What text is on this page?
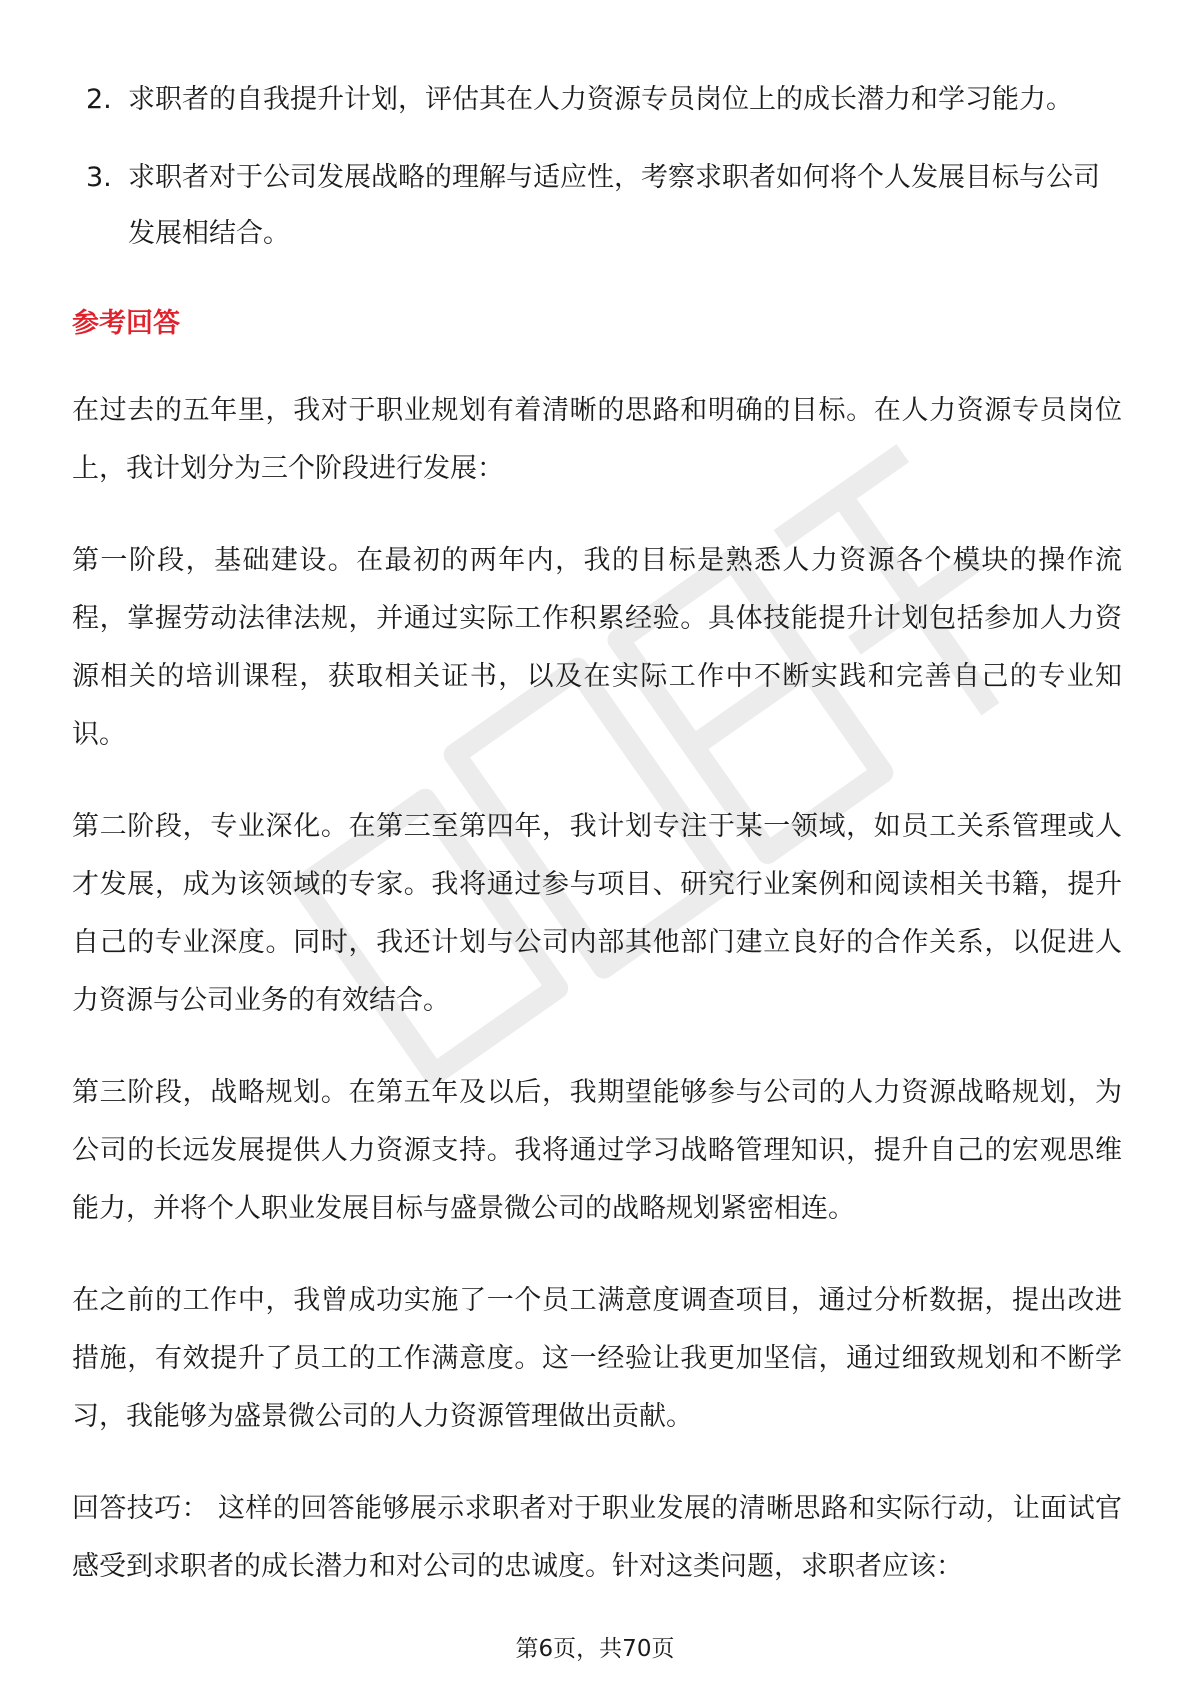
2. 求职者的自我提升计划，评估其在人力资源专员岗位上的成长潜力和学习能力。
3. 求职者对于公司发展战略的理解与适应性，考察求职者如何将个人发展目标与公司发展相结合。
参考回答

在过去的五年里，我对于职业规划有着清晰的思路和明确的目标。在人力资源专员岗位上，我计划分为三个阶段进行发展：

第一阶段，基础建设。在最初的两年内，我的目标是熟悉人力资源各个模块的操作流程，掌握劳动法律法规，并通过实际工作积累经验。具体技能提升计划包括参加人力资源相关的培训课程，获取相关证书，以及在实际工作中不断实践和完善自己的专业知识。

第二阶段，专业深化。在第三至第四年，我计划专注于某一领域，如员工关系管理或人才发展，成为该领域的专家。我将通过参与项目、研究行业案例和阅读相关书籍，提升自己的专业深度。同时，我还计划与公司内部其他部门建立良好的合作关系，以促进人力资源与公司业务的有效结合。

第三阶段，战略规划。在第五年及以后，我期望能够参与公司的人力资源战略规划，为公司的长远发展提供人力资源支持。我将通过学习战略管理知识，提升自己的宏观思维能力，并将个人职业发展目标与盛景微公司的战略规划紧密相连。

在之前的工作中，我曾成功实施了一个员工满意度调查项目，通过分析数据，提出改进措施，有效提升了员工的工作满意度。这一经验让我更加坚信，通过细致规划和不断学习，我能够为盛景微公司的人力资源管理做出贡献。

回答技巧： 这样的回答能够展示求职者对于职业发展的清晰思路和实际行动，让面试官感受到求职者的成长潜力和对公司的忠诚度。针对这类问题，求职者应该：

第6页，共70页
